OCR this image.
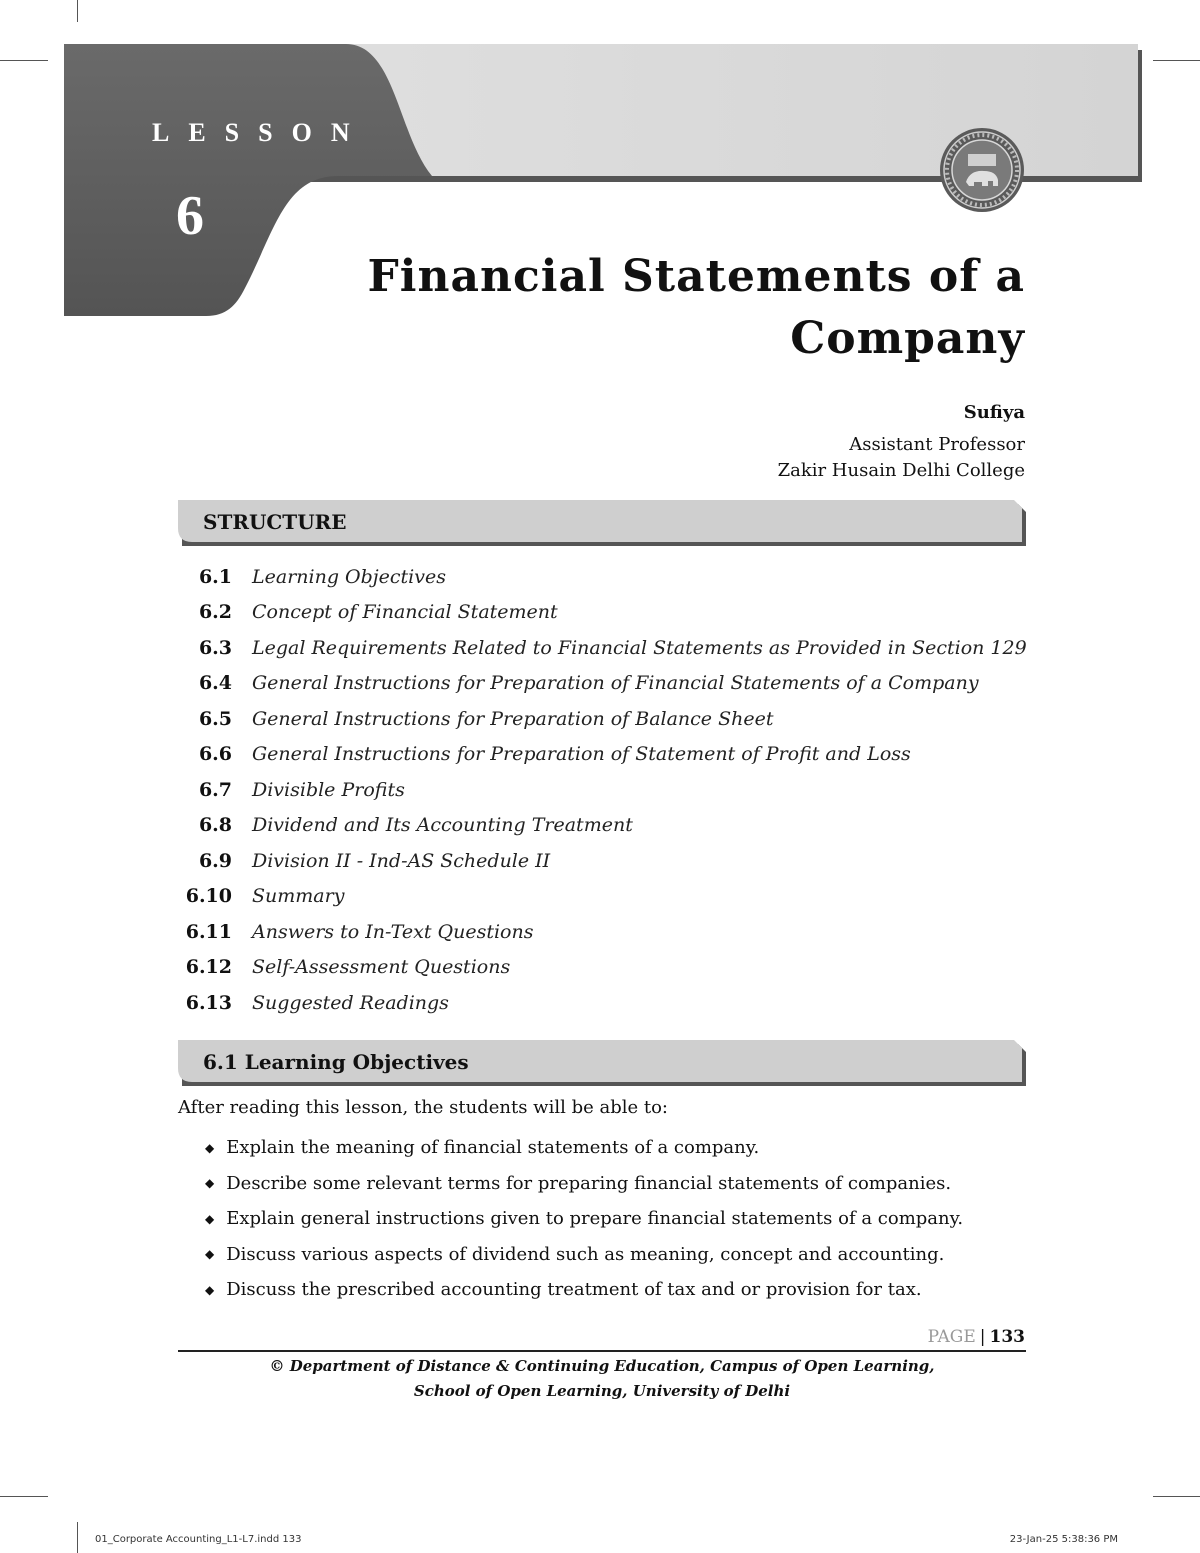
LESSON
6
Financial Statements of a
Company
Sufiya
Assistant Professor
Zakir Husain Delhi College
STRUCTURE
6.1 Learning Objectives
6.2 Concept of Financial Statement
6.3 Legal Requirements Related to Financial Statements as Provided in Section 129
6.4 General Instructions for Preparation of Financial Statements of a Company
6.5 General Instructions for Preparation of Balance Sheet
6.6 General Instructions for Preparation of Statement of Profit and Loss
6.7 Divisible Profits
6.8 Dividend and Its Accounting Treatment
6.9 Division II - Ind-AS Schedule II
6.10 Summary
6.11 Answers to In-Text Questions
6.12 Self-Assessment Questions
6.13 Suggested Readings
6.1 Learning Objectives
After reading this lesson, the students will be able to:
◆ Explain the meaning of financial statements of a company.
◆ Describe some relevant terms for preparing financial statements of companies.
◆ Explain general instructions given to prepare financial statements of a company.
◆ Discuss various aspects of dividend such as meaning, concept and accounting.
◆ Discuss the prescribed accounting treatment of tax and or provision for tax.
PAGE | 133
© Department of Distance & Continuing Education, Campus of Open Learning,
School of Open Learning, University of Delhi
01_Corporate Accounting_L1-L7.indd 133	23-Jan-25 5:38:36 PM
